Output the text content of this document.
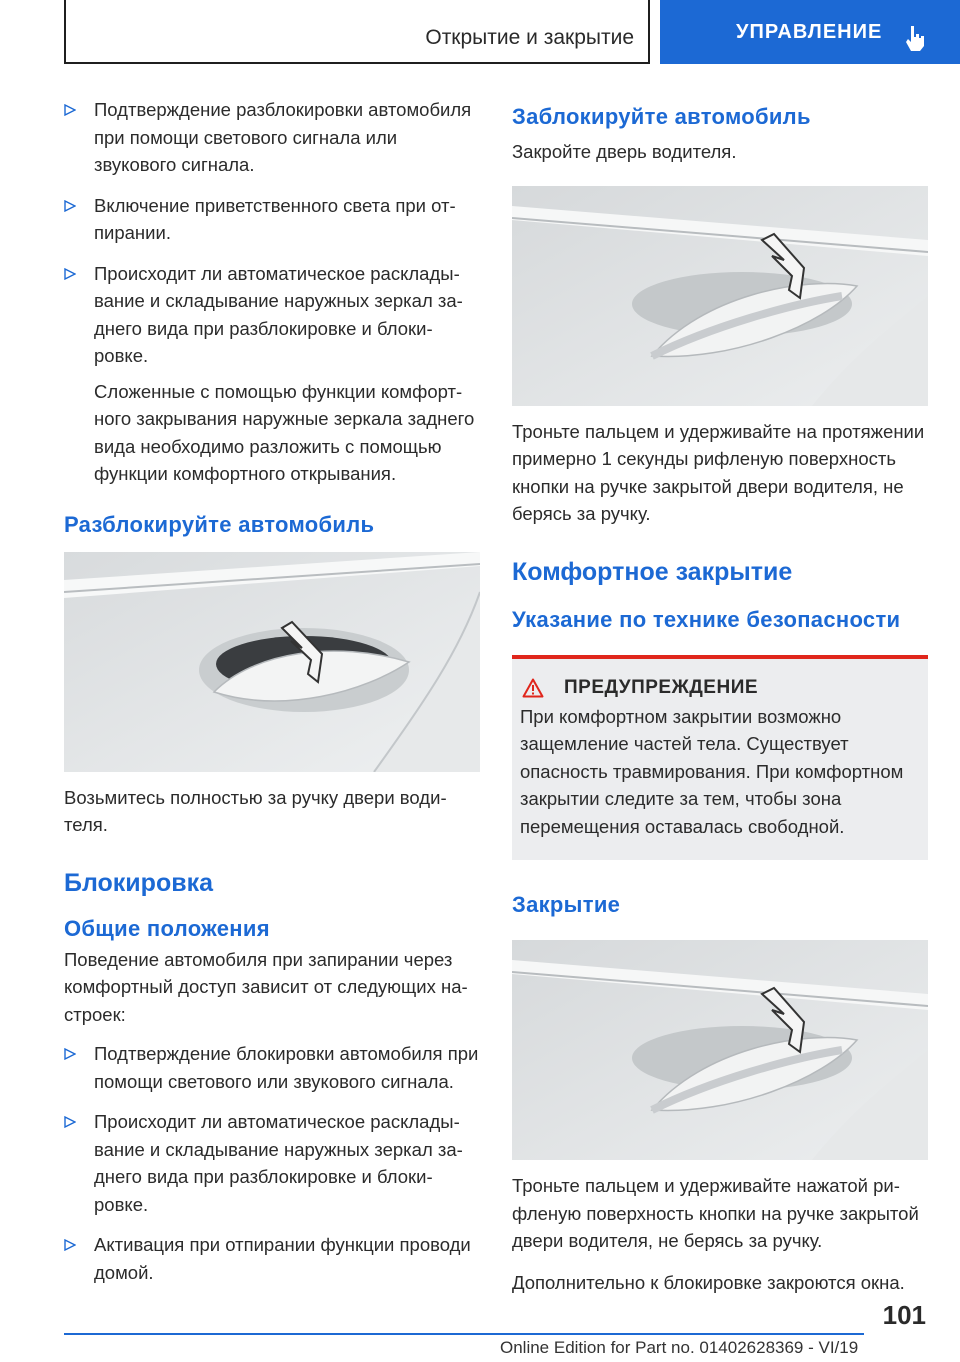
Открытие и закрытие	УПРАВЛЕНИЕ

Подтверждение разблокировки автомобиля при помощи светового сигнала или звукового сигнала.

Включение приветственного света при отпирании.

Происходит ли автоматическое раскладывание и складывание наружных зеркал заднего вида при разблокировке и блокировке.

Сложенные с помощью функции комфортного закрывания наружные зеркала заднего вида необходимо разложить с помощью функции комфортного открывания.

Разблокируйте автомобиль

Возьмитесь полностью за ручку двери водителя.

Блокировка
Общие положения

Поведение автомобиля при запирании через комфортный доступ зависит от следующих настроек:

Подтверждение блокировки автомобиля при помощи светового или звукового сигнала.

Происходит ли автоматическое раскладывание и складывание наружных зеркал заднего вида при разблокировке и блокировке.

Активация при отпирании функции проводи домой.

Заблокируйте автомобиль

Закройте дверь водителя.

Троньте пальцем и удерживайте на протяжении примерно 1 секунды рифленую поверхность кнопки на ручке закрытой двери водителя, не берясь за ручку.

Комфортное закрытие
Указание по технике безопасности
ПРЕДУПРЕЖДЕНИЕ

При комфортном закрытии возможно защемление частей тела. Существует опасность травмирования. При комфортном закрытии следите за тем, чтобы зона перемещения оставалась свободной.

Закрытие

Троньте пальцем и удерживайте нажатой рифленую поверхность кнопки на ручке закрытой двери водителя, не берясь за ручку.

Дополнительно к блокировке закроются окна.

101
Online Edition for Part no. 01402628369 - VI/19
